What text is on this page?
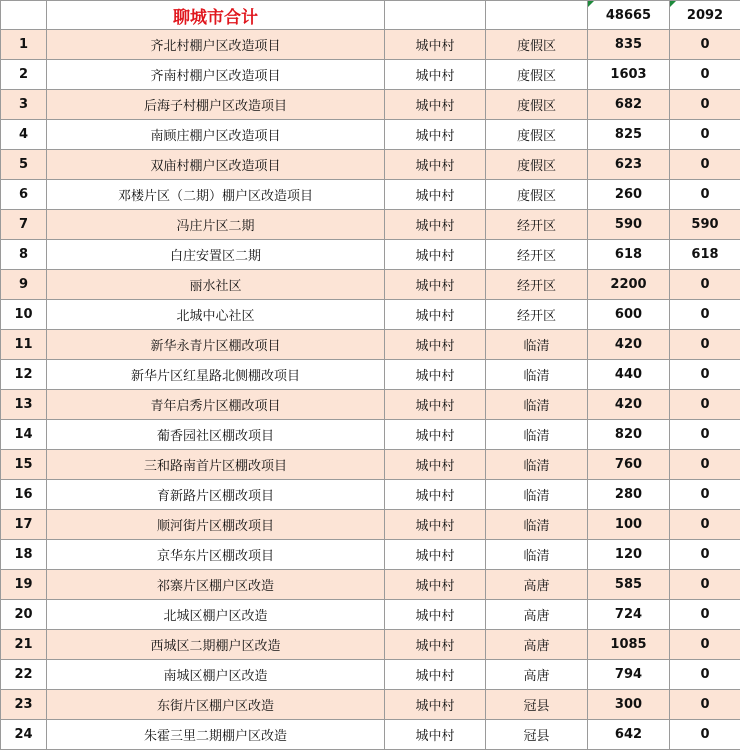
	聊城市合计			48665	2092
1	齐北村棚户区改造项目	城中村	度假区	835	0
2	齐南村棚户区改造项目	城中村	度假区	1603	0
3	后海子村棚户区改造项目	城中村	度假区	682	0
4	南顾庄棚户区改造项目	城中村	度假区	825	0
5	双庙村棚户区改造项目	城中村	度假区	623	0
6	邓楼片区（二期）棚户区改造项目	城中村	度假区	260	0
7	冯庄片区二期	城中村	经开区	590	590
8	白庄安置区二期	城中村	经开区	618	618
9	丽水社区	城中村	经开区	2200	0
10	北城中心社区	城中村	经开区	600	0
11	新华永青片区棚改项目	城中村	临清	420	0
12	新华片区红星路北侧棚改项目	城中村	临清	440	0
13	青年启秀片区棚改项目	城中村	临清	420	0
14	葡香园社区棚改项目	城中村	临清	820	0
15	三和路南首片区棚改项目	城中村	临清	760	0
16	育新路片区棚改项目	城中村	临清	280	0
17	顺河街片区棚改项目	城中村	临清	100	0
18	京华东片区棚改项目	城中村	临清	120	0
19	祁寨片区棚户区改造	城中村	高唐	585	0
20	北城区棚户区改造	城中村	高唐	724	0
21	西城区二期棚户区改造	城中村	高唐	1085	0
22	南城区棚户区改造	城中村	高唐	794	0
23	东街片区棚户区改造	城中村	冠县	300	0
24	朱霍三里二期棚户区改造	城中村	冠县	642	0
